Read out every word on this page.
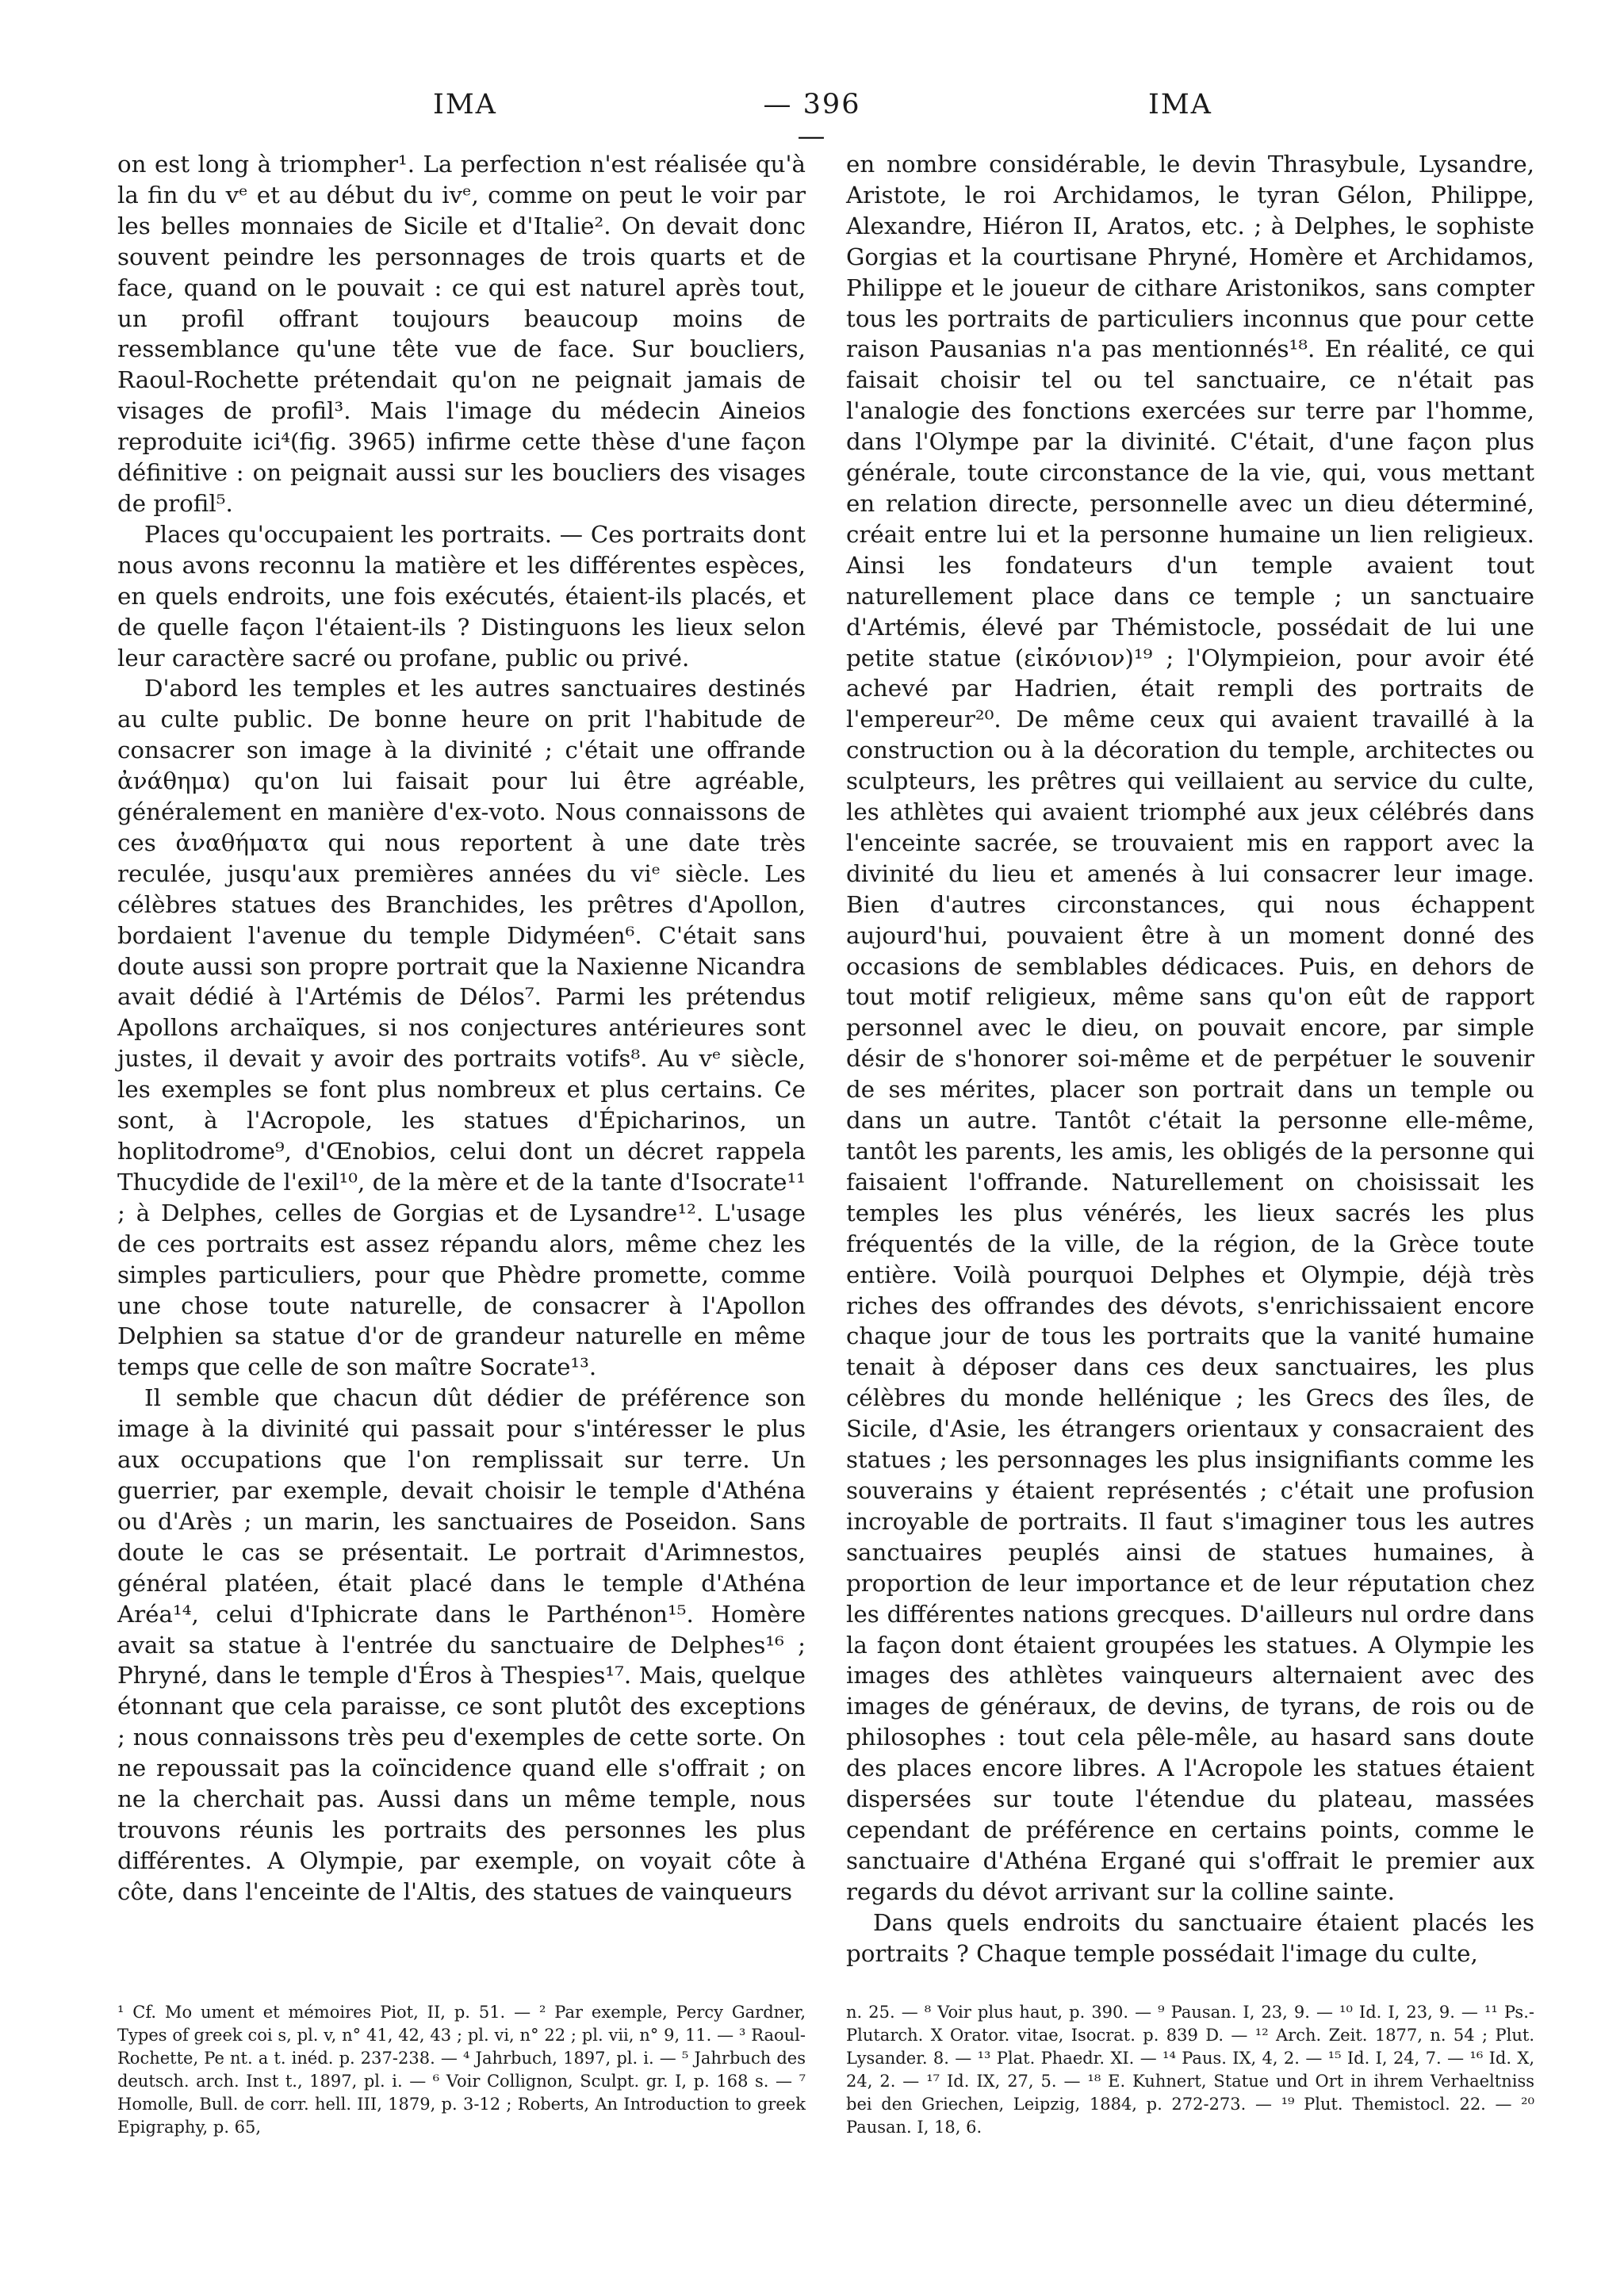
IMA	— 396 —
IMA

on est long à triompher¹. La perfection n'est réalisée qu'à la fin du vᵉ et au début du ivᵉ, comme on peut le voir par les belles monnaies de Sicile et d'Italie². On devait donc souvent peindre les personnages de trois quarts et de face, quand on le pouvait : ce qui est naturel après tout, un profil offrant toujours beaucoup moins de ressemblance qu'une tête vue de face. Sur boucliers, Raoul-Rochette prétendait qu'on ne peignait jamais de visages de profil³. Mais l'image du médecin Aineios reproduite ici⁴(fig. 3965) infirme cette thèse d'une façon définitive : on peignait aussi sur les boucliers des visages de profil⁵.

Places qu'occupaient les portraits. — Ces portraits dont nous avons reconnu la matière et les différentes espèces, en quels endroits, une fois exécutés, étaient-ils placés, et de quelle façon l'étaient-ils ? Distinguons les lieux selon leur caractère sacré ou profane, public ou privé.

D'abord les temples et les autres sanctuaires destinés au culte public. De bonne heure on prit l'habitude de consacrer son image à la divinité ; c'était une offrande ἀνάθημα) qu'on lui faisait pour lui être agréable, généralement en manière d'ex-voto. Nous connaissons de ces ἀναθήματα qui nous reportent à une date très reculée, jusqu'aux premières années du viᵉ siècle. Les célèbres statues des Branchides, les prêtres d'Apollon, bordaient l'avenue du temple Didyméen⁶. C'était sans doute aussi son propre portrait que la Naxienne Nicandra avait dédié à l'Artémis de Délos⁷. Parmi les prétendus Apollons archaïques, si nos conjectures antérieures sont justes, il devait y avoir des portraits votifs⁸. Au vᵉ siècle, les exemples se font plus nombreux et plus certains. Ce sont, à l'Acropole, les statues d'Épicharinos, un hoplitodrome⁹, d'Œnobios, celui dont un décret rappela Thucydide de l'exil¹⁰, de la mère et de la tante d'Isocrate¹¹ ; à Delphes, celles de Gorgias et de Lysandre¹². L'usage de ces portraits est assez répandu alors, même chez les simples particuliers, pour que Phèdre promette, comme une chose toute naturelle, de consacrer à l'Apollon Delphien sa statue d'or de grandeur naturelle en même temps que celle de son maître Socrate¹³.

Il semble que chacun dût dédier de préférence son image à la divinité qui passait pour s'intéresser le plus aux occupations que l'on remplissait sur terre. Un guerrier, par exemple, devait choisir le temple d'Athéna ou d'Arès ; un marin, les sanctuaires de Poseidon. Sans doute le cas se présentait. Le portrait d'Arimnestos, général platéen, était placé dans le temple d'Athéna Aréa¹⁴, celui d'Iphicrate dans le Parthénon¹⁵. Homère avait sa statue à l'entrée du sanctuaire de Delphes¹⁶ ; Phryné, dans le temple d'Éros à Thespies¹⁷. Mais, quelque étonnant que cela paraisse, ce sont plutôt des exceptions ; nous connaissons très peu d'exemples de cette sorte. On ne repoussait pas la coïncidence quand elle s'offrait ; on ne la cherchait pas. Aussi dans un même temple, nous trouvons réunis les portraits des personnes les plus différentes. A Olympie, par exemple, on voyait côte à côte, dans l'enceinte de l'Altis, des statues de vainqueurs

en nombre considérable, le devin Thrasybule, Lysandre, Aristote, le roi Archidamos, le tyran Gélon, Philippe, Alexandre, Hiéron II, Aratos, etc. ; à Delphes, le sophiste Gorgias et la courtisane Phryné, Homère et Archidamos, Philippe et le joueur de cithare Aristonikos, sans compter tous les portraits de particuliers inconnus que pour cette raison Pausanias n'a pas mentionnés¹⁸. En réalité, ce qui faisait choisir tel ou tel sanctuaire, ce n'était pas l'analogie des fonctions exercées sur terre par l'homme, dans l'Olympe par la divinité. C'était, d'une façon plus générale, toute circonstance de la vie, qui, vous mettant en relation directe, personnelle avec un dieu déterminé, créait entre lui et la personne humaine un lien religieux. Ainsi les fondateurs d'un temple avaient tout naturellement place dans ce temple ; un sanctuaire d'Artémis, élevé par Thémistocle, possédait de lui une petite statue (εἰκόνιον)¹⁹ ; l'Olympieion, pour avoir été achevé par Hadrien, était rempli des portraits de l'empereur²⁰. De même ceux qui avaient travaillé à la construction ou à la décoration du temple, architectes ou sculpteurs, les prêtres qui veillaient au service du culte, les athlètes qui avaient triomphé aux jeux célébrés dans l'enceinte sacrée, se trouvaient mis en rapport avec la divinité du lieu et amenés à lui consacrer leur image. Bien d'autres circonstances, qui nous échappent aujourd'hui, pouvaient être à un moment donné des occasions de semblables dédicaces. Puis, en dehors de tout motif religieux, même sans qu'on eût de rapport personnel avec le dieu, on pouvait encore, par simple désir de s'honorer soi-même et de perpétuer le souvenir de ses mérites, placer son portrait dans un temple ou dans un autre. Tantôt c'était la personne elle-même, tantôt les parents, les amis, les obligés de la personne qui faisaient l'offrande. Naturellement on choisissait les temples les plus vénérés, les lieux sacrés les plus fréquentés de la ville, de la région, de la Grèce toute entière. Voilà pourquoi Delphes et Olympie, déjà très riches des offrandes des dévots, s'enrichissaient encore chaque jour de tous les portraits que la vanité humaine tenait à déposer dans ces deux sanctuaires, les plus célèbres du monde hellénique ; les Grecs des îles, de Sicile, d'Asie, les étrangers orientaux y consacraient des statues ; les personnages les plus insignifiants comme les souverains y étaient représentés ; c'était une profusion incroyable de portraits. Il faut s'imaginer tous les autres sanctuaires peuplés ainsi de statues humaines, à proportion de leur importance et de leur réputation chez les différentes nations grecques. D'ailleurs nul ordre dans la façon dont étaient groupées les statues. A Olympie les images des athlètes vainqueurs alternaient avec des images de généraux, de devins, de tyrans, de rois ou de philosophes : tout cela pêle-mêle, au hasard sans doute des places encore libres. A l'Acropole les statues étaient dispersées sur toute l'étendue du plateau, massées cependant de préférence en certains points, comme le sanctuaire d'Athéna Ergané qui s'offrait le premier aux regards du dévot arrivant sur la colline sainte.

Dans quels endroits du sanctuaire étaient placés les portraits ? Chaque temple possédait l'image du culte,

¹ Cf. Mo ument et mémoires Piot, II, p. 51. — ² Par exemple, Percy Gardner, Types of greek coi s, pl. v, n° 41, 42, 43 ; pl. vi, n° 22 ; pl. vii, n° 9, 11. — ³ Raoul-Rochette, Pe nt. a t. inéd. p. 237-238. — ⁴ Jahrbuch, 1897, pl. i. — ⁵ Jahrbuch des deutsch. arch. Inst t., 1897, pl. i. — ⁶ Voir Collignon, Sculpt. gr. I, p. 168 s. — ⁷ Homolle, Bull. de corr. hell. III, 1879, p. 3-12 ; Roberts, An Introduction to greek Epigraphy, p. 65,

n. 25. — ⁸ Voir plus haut, p. 390. — ⁹ Pausan. I, 23, 9. — ¹⁰ Id. I, 23, 9. — ¹¹ Ps.-Plutarch. X Orator. vitae, Isocrat. p. 839 D. — ¹² Arch. Zeit. 1877, n. 54 ; Plut. Lysander. 8. — ¹³ Plat. Phaedr. XI. — ¹⁴ Paus. IX, 4, 2. — ¹⁵ Id. I, 24, 7. — ¹⁶ Id. X, 24, 2. — ¹⁷ Id. IX, 27, 5. — ¹⁸ E. Kuhnert, Statue und Ort in ihrem Verhaeltniss bei den Griechen, Leipzig, 1884, p. 272-273. — ¹⁹ Plut. Themistocl. 22. — ²⁰ Pausan. I, 18, 6.
